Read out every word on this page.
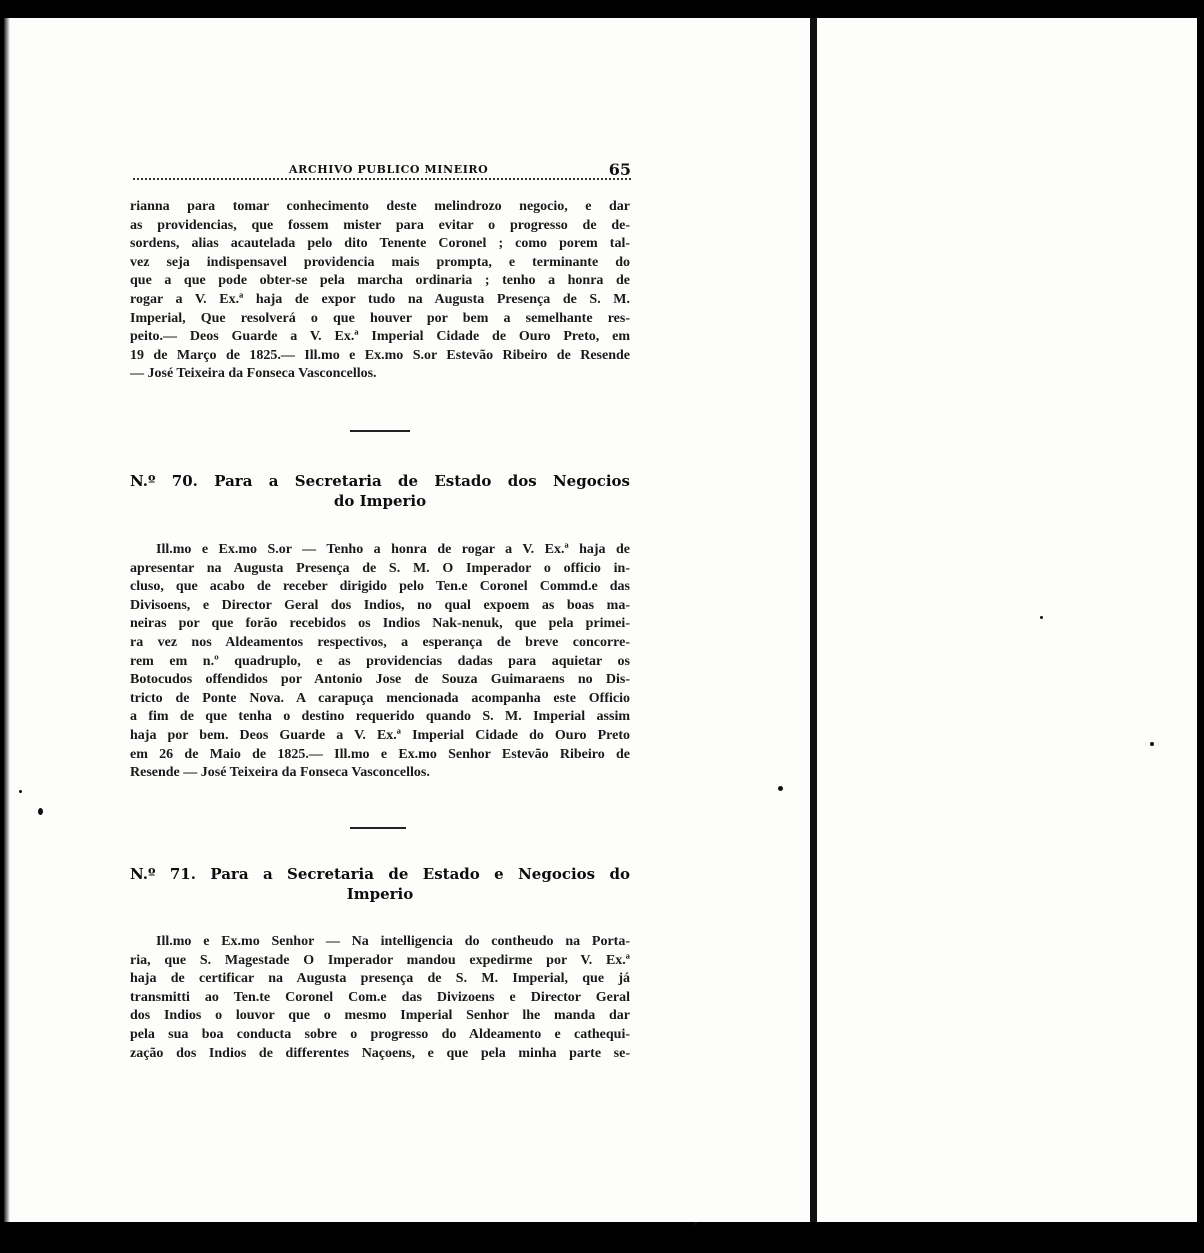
ARCHIVO PUBLICO MINEIRO	65
rianna para tomar conhecimento deste melindrozo negocio, e dar
as providencias, que fossem mister para evitar o progresso de de-
sordens, alias acautelada pelo dito Tenente Coronel ; como porem tal-
vez seja indispensavel providencia mais prompta, e terminante do
que a que pode obter-se pela marcha ordinaria ; tenho a honra de
rogar a V. Ex.ª haja de expor tudo na Augusta Presença de S. M.
Imperial, Que resolverá o que houver por bem a semelhante res-
peito.— Deos Guarde a V. Ex.ª Imperial Cidade de Ouro Preto, em
19 de Março de 1825.— Ill.mo e Ex.mo S.or Estevão Ribeiro de Resende
— José Teixeira da Fonseca Vasconcellos.
N.º 70. Para a Secretaria de Estado dos Negocios
do Imperio
Ill.mo e Ex.mo S.or — Tenho a honra de rogar a V. Ex.ª haja de
apresentar na Augusta Presença de S. M. O Imperador o officio in-
cluso, que acabo de receber dirigido pelo Ten.e Coronel Commd.e das
Divisoens, e Director Geral dos Indios, no qual expoem as boas ma-
neiras por que forão recebidos os Indios Nak-nenuk, que pela primei-
ra vez nos Aldeamentos respectivos, a esperança de breve concorre-
rem em n.º quadruplo, e as providencias dadas para aquietar os
Botocudos offendidos por Antonio Jose de Souza Guimaraens no Dis-
tricto de Ponte Nova. A carapuça mencionada acompanha este Officio
a fim de que tenha o destino requerido quando S. M. Imperial assim
haja por bem. Deos Guarde a V. Ex.ª Imperial Cidade do Ouro Preto
em 26 de Maio de 1825.— Ill.mo e Ex.mo Senhor Estevão Ribeiro de
Resende — José Teixeira da Fonseca Vasconcellos.
N.º 71. Para a Secretaria de Estado e Negocios do
Imperio
Ill.mo e Ex.mo Senhor — Na intelligencia do contheudo na Porta-
ria, que S. Magestade O Imperador mandou expedirme por V. Ex.ª
haja de certificar na Augusta presença de S. M. Imperial, que já
transmitti ao Ten.te Coronel Com.e das Divizoens e Director Geral
dos Indios o louvor que o mesmo Imperial Senhor lhe manda dar
pela sua boa conducta sobre o progresso do Aldeamento e cathequi-
zação dos Indios de differentes Naçoens, e que pela minha parte se-
